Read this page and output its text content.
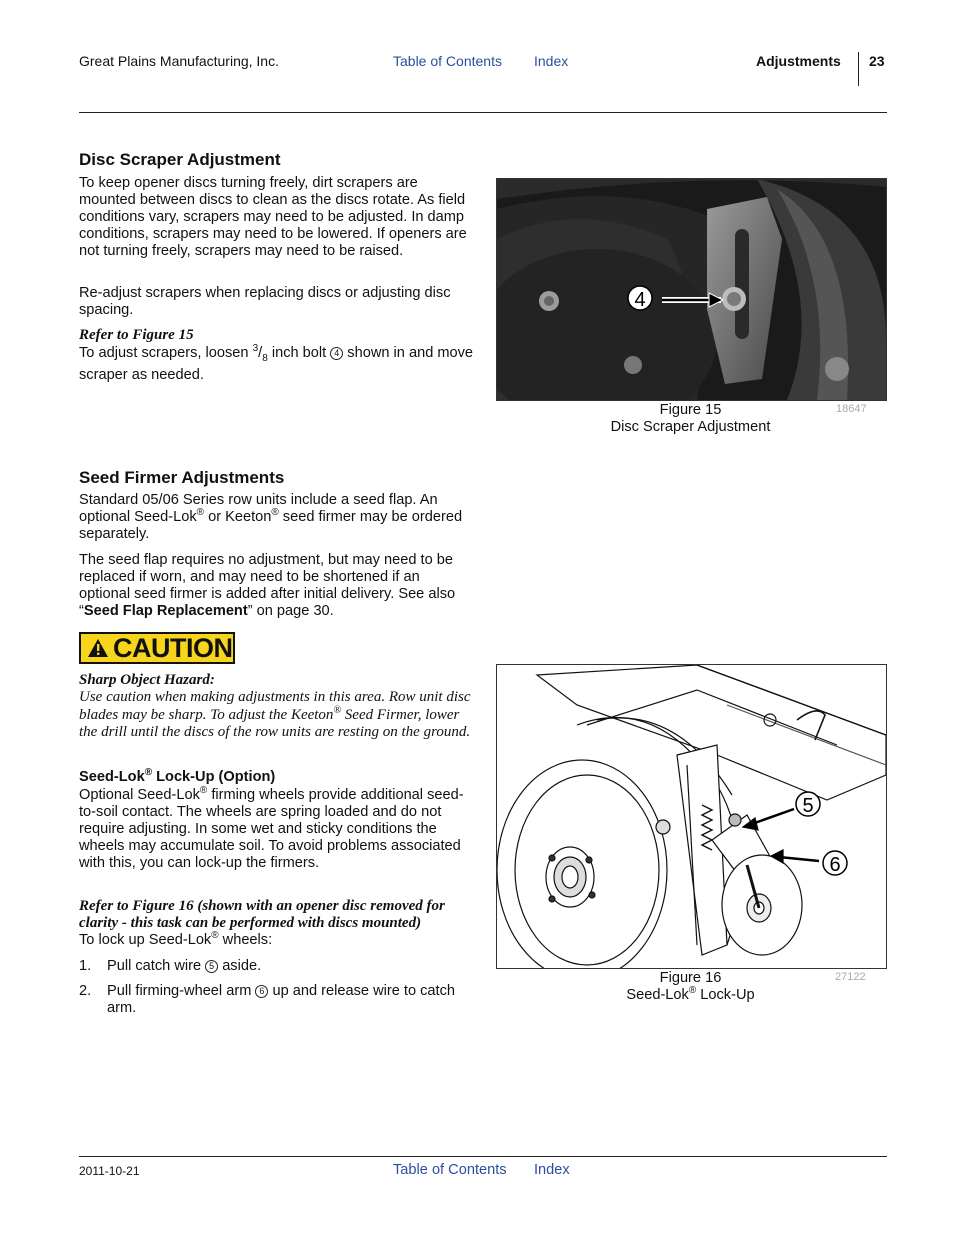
Great Plains Manufacturing, Inc.	Table of Contents Index	Adjustments 23
Disc Scraper Adjustment

To keep opener discs turning freely, dirt scrapers are mounted between discs to clean as the discs rotate. As field conditions vary, scrapers may need to be adjusted. In damp conditions, scrapers may need to be lowered. If openers are not turning freely, scrapers may need to be raised.

Re-adjust scrapers when replacing discs or adjusting disc spacing.

Refer to Figure 15

To adjust scrapers, loosen $^3/_8$ inch bolt 4 shown in and move scraper as needed.

4
Figure 15
Disc Scraper Adjustment
18647
Seed Firmer Adjustments

Standard 05/06 Series row units include a seed flap. An optional Seed-Lok® or Keeton® seed firmer may be ordered separately.

The seed flap requires no adjustment, but may need to be replaced if worn, and may need to be shortened if an optional seed firmer is added after initial delivery. See also “Seed Flap Replacement” on page 30.

CAUTION
Sharp Object Hazard:

Use caution when making adjustments in this area. Row unit disc blades may be sharp. To adjust the Keeton® Seed Firmer, lower the drill until the discs of the row units are resting on the ground.

Seed-Lok® Lock-Up (Option)

Optional Seed-Lok® firming wheels provide additional seed-to-soil contact. The wheels are spring loaded and do not require adjusting. In some wet and sticky conditions the wheels may accumulate soil. To avoid problems associated with this, you can lock-up the firmers.

Refer to Figure 16 (shown with an opener disc removed for clarity - this task can be performed with discs mounted)

To lock up Seed-Lok® wheels:

1. Pull catch wire 5 aside.
2. Pull firming-wheel arm 6 up and release wire to catch arm.
5
6
Figure 16
Seed-Lok® Lock-Up
27122
2011-10-21	Table of Contents Index
